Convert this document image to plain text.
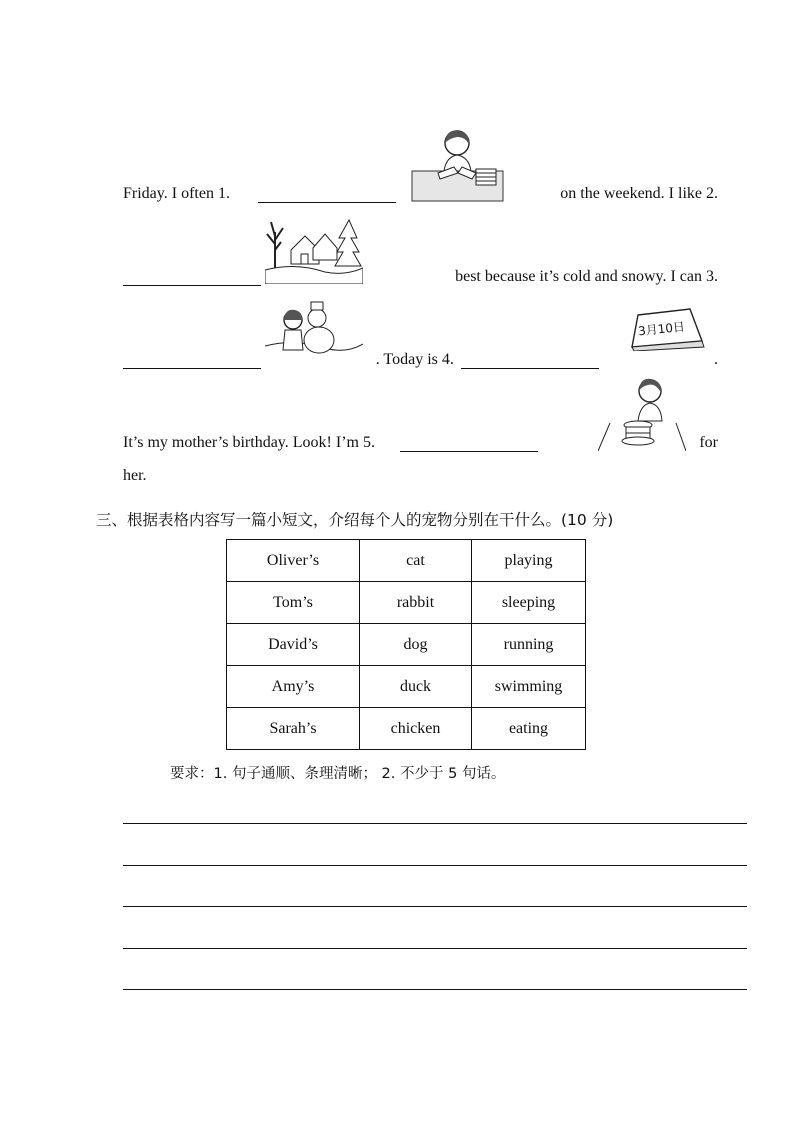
Friday. I often 1.	on the weekend. I like 2.
best because it’s cold and snowy. I can 3.
. Today is 4.	.
3月10日
It’s my mother’s birthday. Look! I’m 5.	for
her.
三、根据表格内容写一篇小短文，介绍每个人的宠物分别在干什么。(10 分)
Oliver’s	cat	playing
Tom’s	rabbit	sleeping
David’s	dog	running
Amy’s	duck	swimming
Sarah’s	chicken	eating
要求：1. 句子通顺、条理清晰； 2. 不少于 5 句话。
